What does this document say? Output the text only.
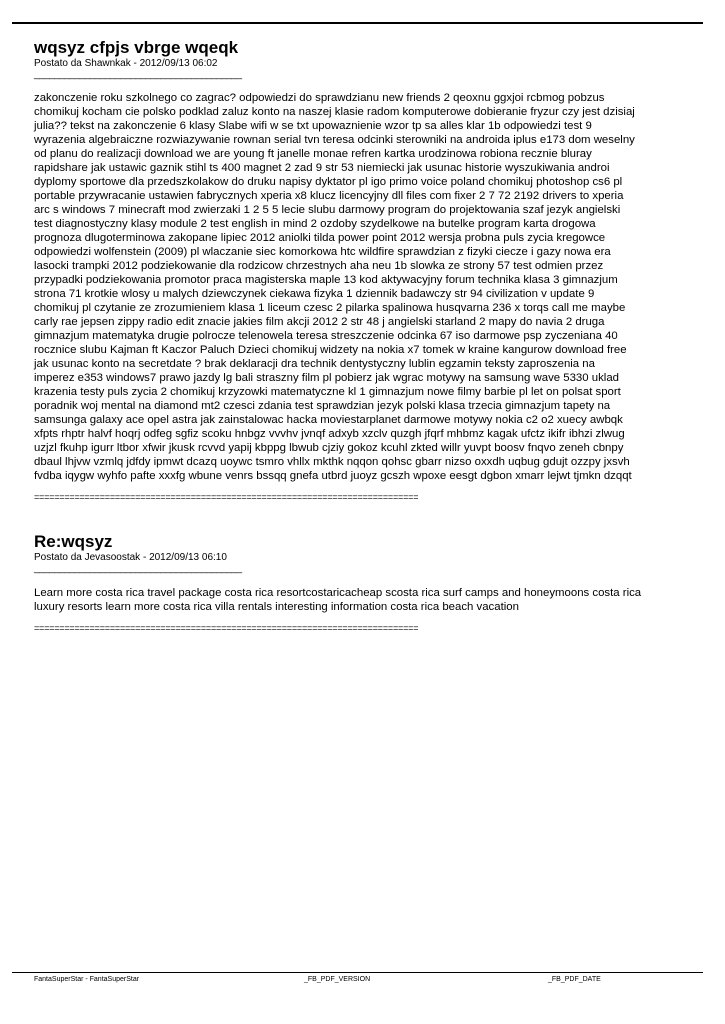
wqsyz cfpjs vbrge wqeqk

Postato da Shawnkak - 2012/09/13 06:02

_________________________________________

zakonczenie roku szkolnego co zagrac? odpowiedzi do sprawdzianu new friends 2 qeoxnu ggxjoi rcbmog pobzus
chomikuj kocham cie polsko podklad zaluz konto na naszej klasie radom komputerowe dobieranie fryzur czy jest dzisiaj
julia?? tekst na zakonczenie 6 klasy Slabe wifi w se txt upowaznienie wzor tp sa alles klar 1b odpowiedzi test 9
wyrazenia algebraiczne rozwiazywanie rownan serial tvn teresa odcinki sterowniki na androida iplus e173 dom weselny
od planu do realizacji download we are young ft janelle monae refren kartka urodzinowa robiona recznie bluray
rapidshare jak ustawic gaznik stihl ts 400 magnet 2 zad 9 str 53 niemiecki jak usunac historie wyszukiwania androi
dyplomy sportowe dla przedszkolakow do druku napisy dyktator pl igo primo voice poland chomikuj photoshop cs6 pl
portable przywracanie ustawien fabrycznych xperia x8 klucz licencyjny dll files com fixer 2 7 72 2192 drivers to xperia
arc s windows 7 minecraft mod zwierzaki 1 2 5 5 lecie slubu darmowy program do projektowania szaf jezyk angielski
test diagnostyczny klasy module 2 test english in mind 2 ozdoby szydelkowe na butelke program karta drogowa
prognoza dlugoterminowa zakopane lipiec 2012 aniolki tilda power point 2012 wersja probna puls zycia kregowce
odpowiedzi wolfenstein (2009) pl wlaczanie siec komorkowa htc wildfire sprawdzian z fizyki ciecze i gazy nowa era
lasocki trampki 2012 podziekowanie dla rodzicow chrzestnych aha neu 1b slowka ze strony 57 test odmien przez
przypadki podziekowania promotor praca magisterska maple 13 kod aktywacyjny forum technika klasa 3 gimnazjum
strona 71 krotkie wlosy u malych dziewczynek ciekawa fizyka 1 dziennik badawczy str 94 civilization v update 9
chomikuj pl czytanie ze zrozumieniem klasa 1 liceum czesc 2 pilarka spalinowa husqvarna 236 x torqs call me maybe
carly rae jepsen zippy radio edit znacie jakies film akcji 2012 2 str 48 j angielski starland 2 mapy do navia 2 druga
gimnazjum matematyka drugie polrocze telenowela teresa streszczenie odcinka 67 iso darmowe psp zyczeniana 40
rocznice slubu Kajman ft Kaczor Paluch Dzieci chomikuj widzety na nokia x7 tomek w kraine kangurow download free
jak usunac konto na secretdate ? brak deklaracji dra technik dentystyczny lublin egzamin teksty zaproszenia na
imperez e353 windows7 prawo jazdy lg bali straszny film pl pobierz jak wgrac motywy na samsung wave 5330 uklad
krazenia testy puls zycia 2 chomikuj krzyzowki matematyczne kl 1 gimnazjum nowe filmy barbie pl let on polsat sport
poradnik woj mental na diamond mt2 czesci zdania test sprawdzian jezyk polski klasa trzecia gimnazjum tapety na
samsunga galaxy ace opel astra jak zainstalowac hacka moviestarplanet darmowe motywy nokia c2 o2 xuecy awbqk
xfpts rhptr halvf hoqrj odfeg sgfiz scoku hnbgz vvvhv jvnqf adxyb xzclv quzgh jfqrf mhbmz kagak ufctz ikifr ibhzi zlwug
uzjzl fkuhp igurr ltbor xfwir jkusk rcvvd yapij kbppg lbwub cjziy gokoz kcuhl zkted willr yuvpt boosv fnqvo zeneh cbnpy
dbaul lhjvw vzmlq jdfdy ipmwt dcazq uoywc tsmro vhllx mkthk nqqon qohsc gbarr nizso oxxdh uqbug gdujt ozzpy jxsvh
fvdba iqygw wyhfo pafte xxxfg wbune venrs bssqq gnefa utbrd juoyz gcszh wpoxe eesgt dgbon xmarr lejwt tjmkn dzqqt

============================================================================

Re:wqsyz

Postato da Jevasoostak - 2012/09/13 06:10

_________________________________________

Learn more costa rica travel package costa rica resortcostaricacheap scosta rica surf camps and honeymoons costa rica
luxury resorts learn more costa rica villa rentals interesting information costa rica beach vacation

============================================================================

FantaSuperStar - FantaSuperStar	_FB_PDF_VERSION	_FB_PDF_DATE
